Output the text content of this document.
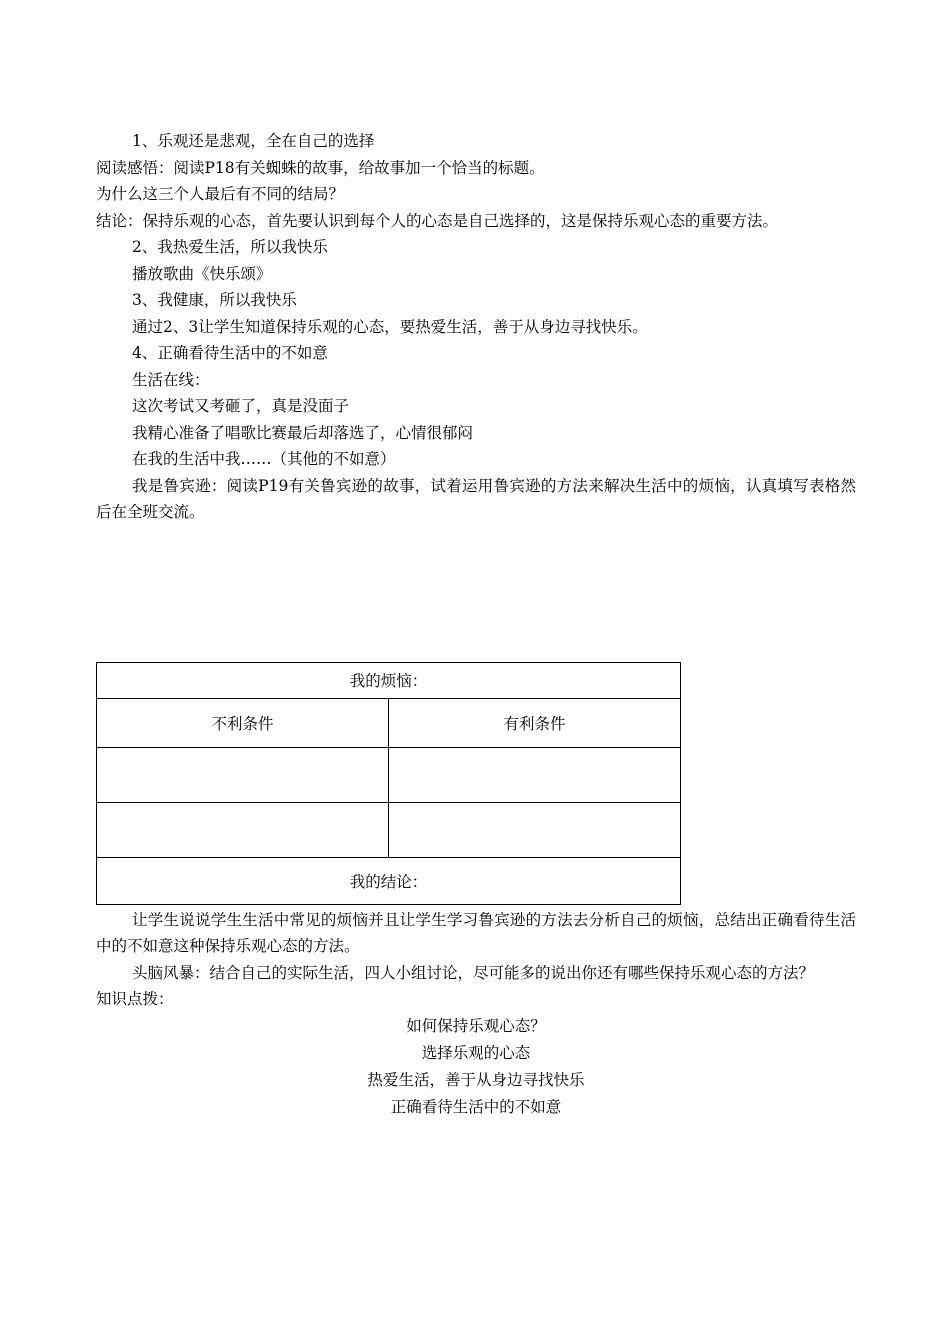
1、乐观还是悲观，全在自己的选择
阅读感悟：阅读P18有关蜘蛛的故事，给故事加一个恰当的标题。
为什么这三个人最后有不同的结局？
结论：保持乐观的心态，首先要认识到每个人的心态是自己选择的，这是保持乐观心态的重要方法。
2、我热爱生活，所以我快乐
播放歌曲《快乐颂》
3、我健康，所以我快乐
通过2、3让学生知道保持乐观的心态，要热爱生活，善于从身边寻找快乐。
4、正确看待生活中的不如意
生活在线：
这次考试又考砸了，真是没面子
我精心准备了唱歌比赛最后却落选了，心情很郁闷
在我的生活中我……（其他的不如意）
我是鲁宾逊：阅读P19有关鲁宾逊的故事，试着运用鲁宾逊的方法来解决生活中的烦恼，认真填写表格然后在全班交流。
我的烦恼：	
不利条件	有利条件

我的结论：	
让学生说说学生生活中常见的烦恼并且让学生学习鲁宾逊的方法去分析自己的烦恼，总结出正确看待生活中的不如意这种保持乐观心态的方法。
头脑风暴：结合自己的实际生活，四人小组讨论，尽可能多的说出你还有哪些保持乐观心态的方法？
知识点拨：
如何保持乐观心态？
选择乐观的心态
热爱生活，善于从身边寻找快乐
正确看待生活中的不如意
